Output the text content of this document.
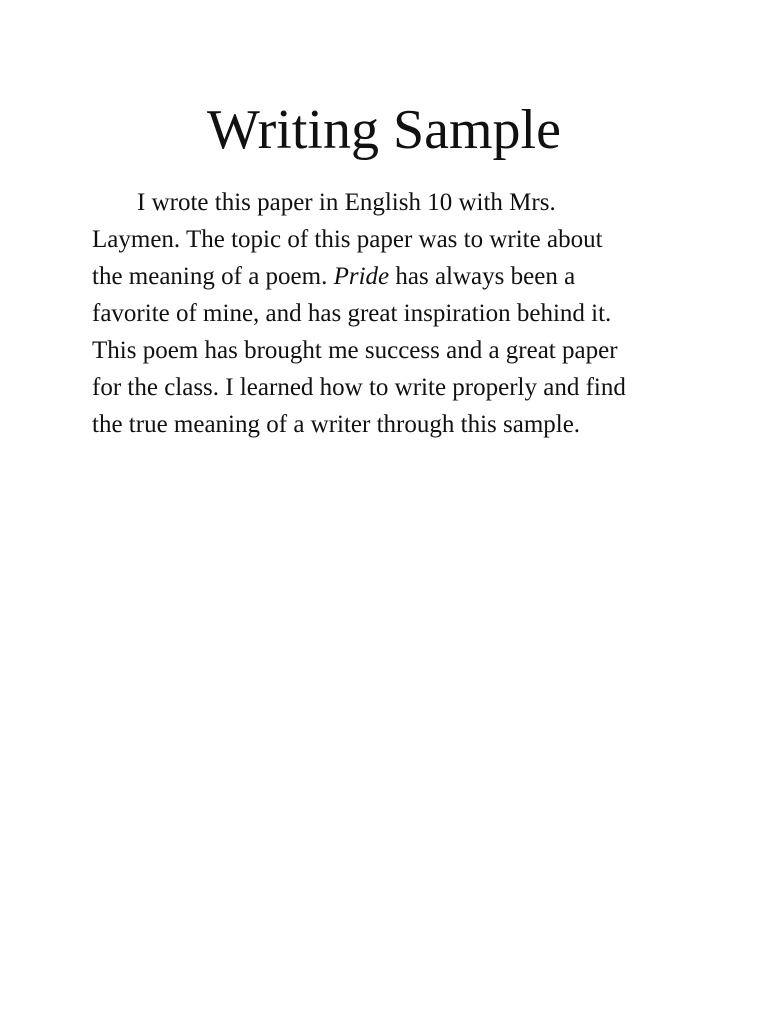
Writing Sample
I wrote this paper in English 10 with Mrs.
Laymen. The topic of this paper was to write about
the meaning of a poem. Pride has always been a
favorite of mine, and has great inspiration behind it.
This poem has brought me success and a great paper
for the class. I learned how to write properly and find
the true meaning of a writer through this sample.
